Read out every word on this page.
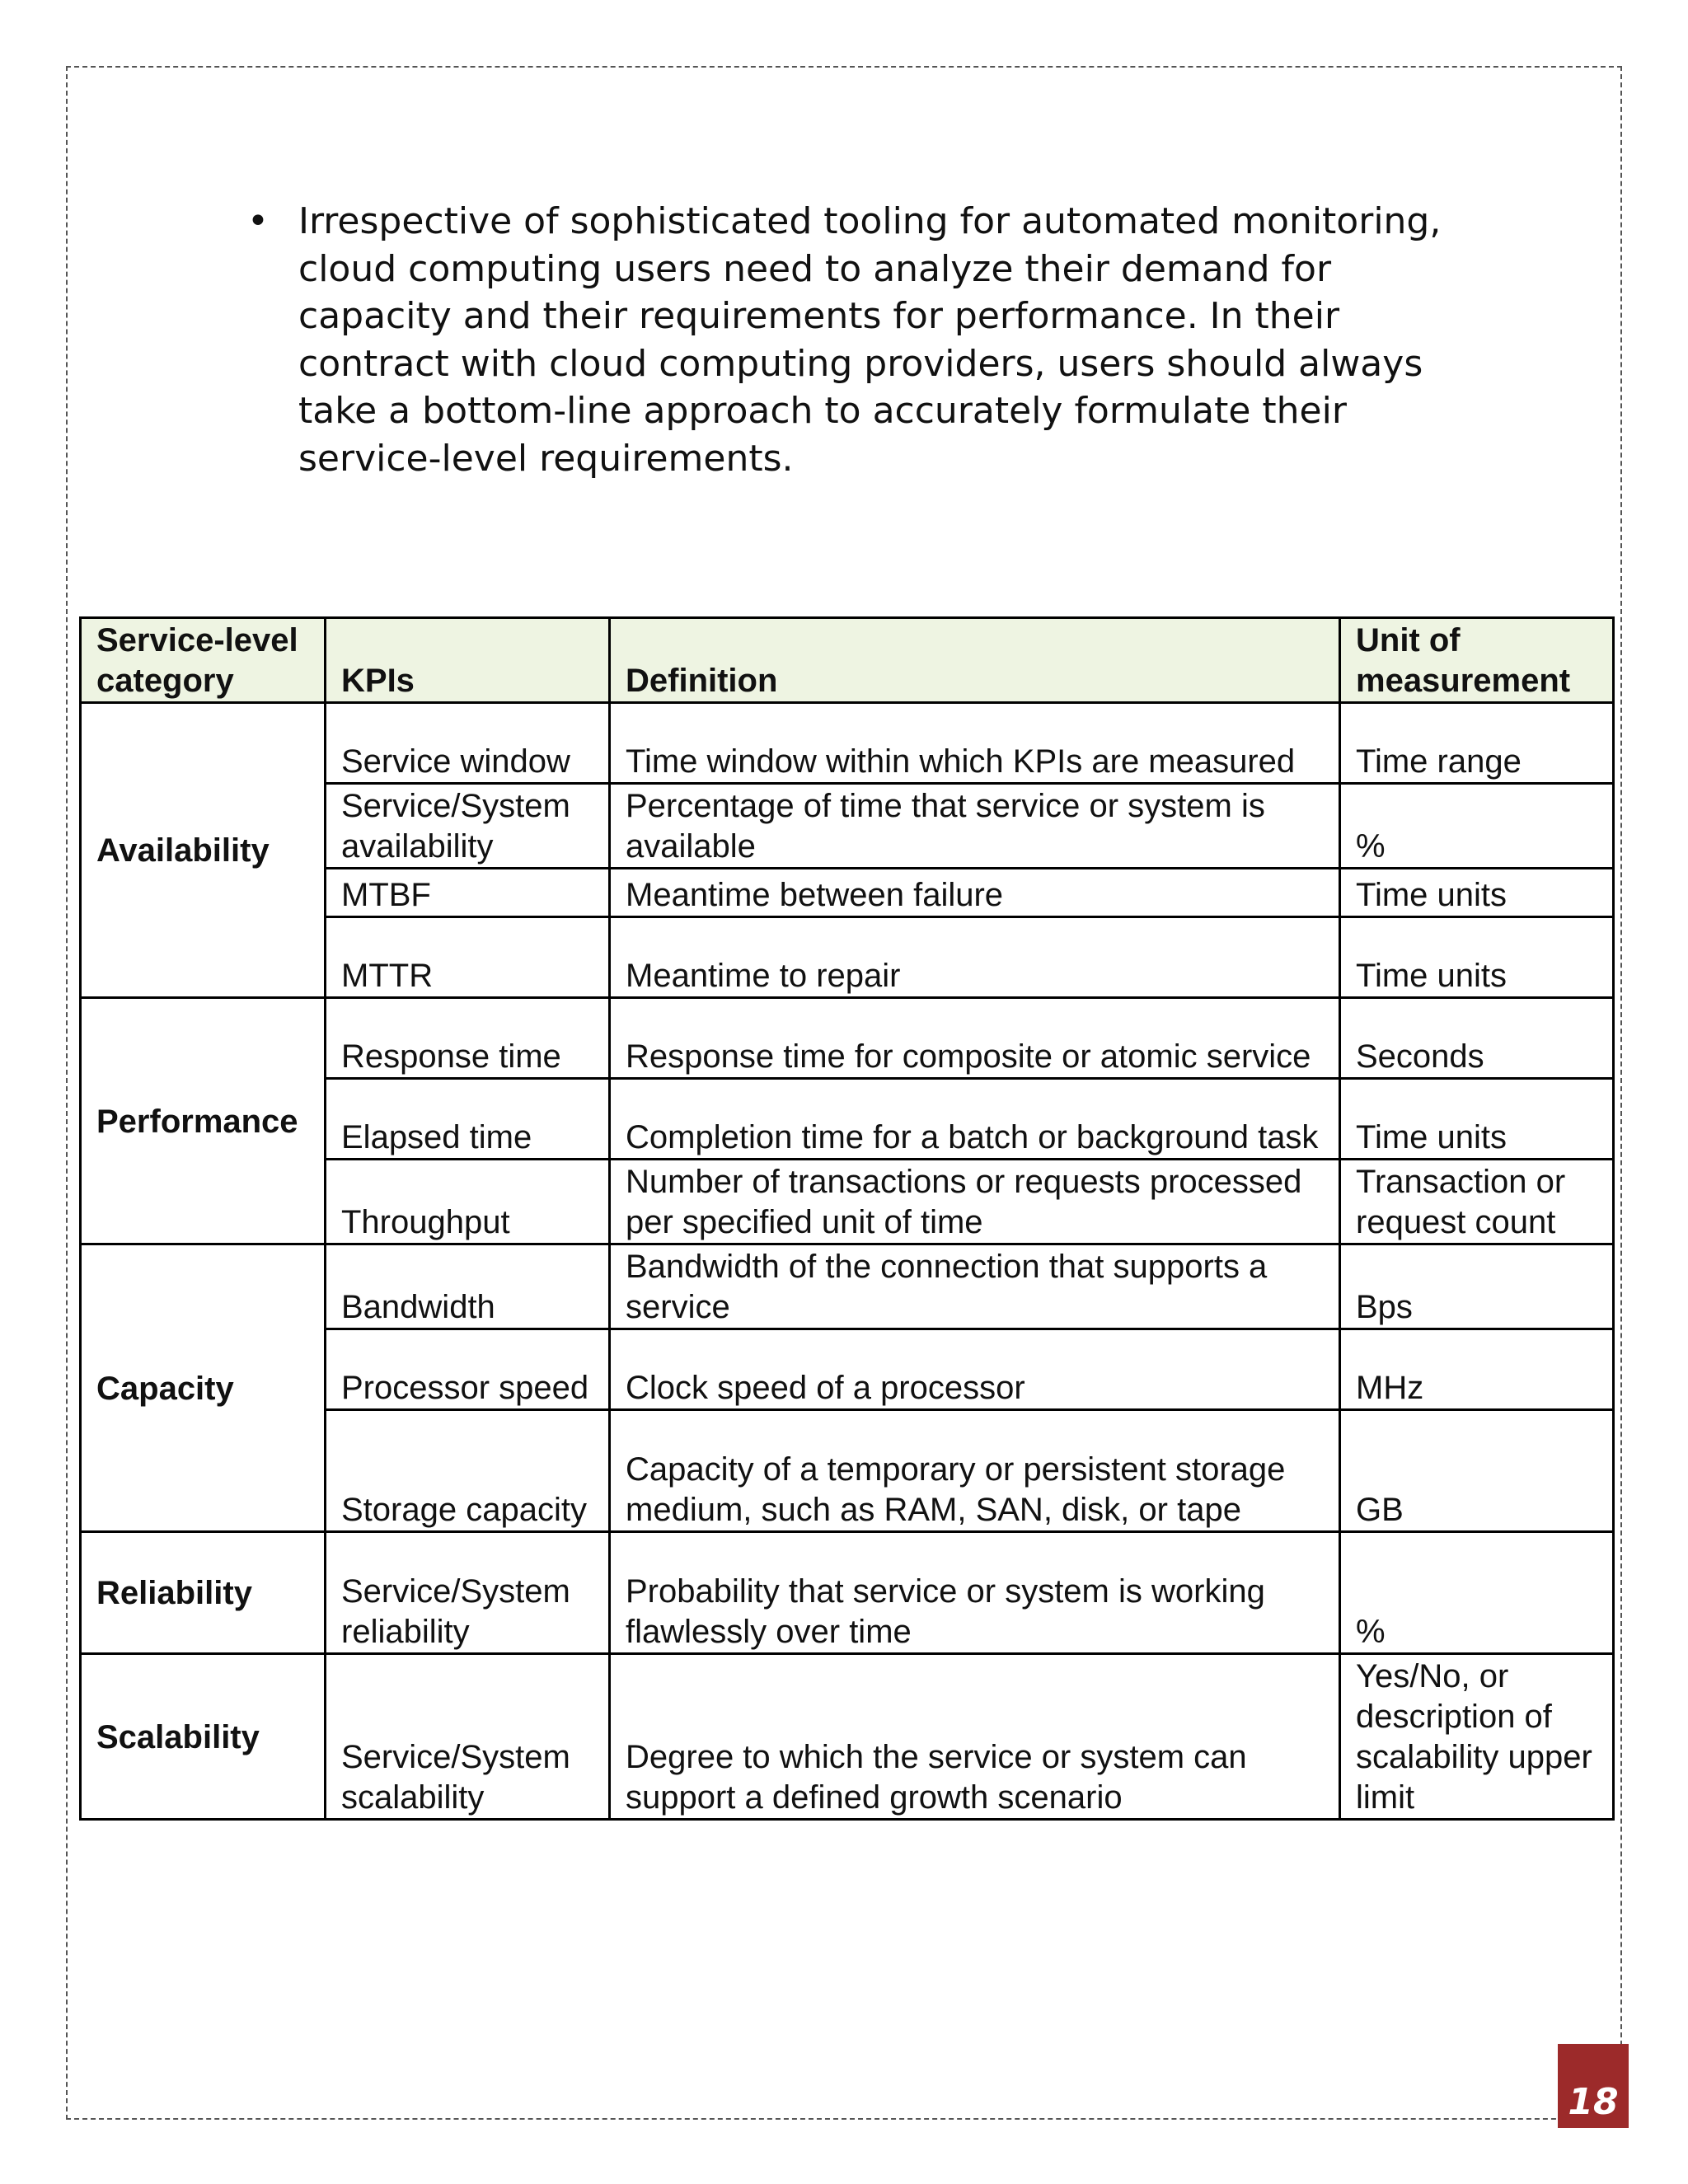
• Irrespective of sophisticated tooling for automated monitoring, cloud computing users need to analyze their demand for capacity and their requirements for performance. In their contract with cloud computing providers, users should always take a bottom-line approach to accurately formulate their service-level requirements.
Service-level category	KPIs	Definition	Unit of measurement
Availability	Service window	Time window within which KPIs are measured	Time range
	Service/System availability	Percentage of time that service or system is available	%
	MTBF	Meantime between failure	Time units
	MTTR	Meantime to repair	Time units
Performance	Response time	Response time for composite or atomic service	Seconds
	Elapsed time	Completion time for a batch or background task	Time units
	Throughput	Number of transactions or requests processed per specified unit of time	Transaction or request count
Capacity	Bandwidth	Bandwidth of the connection that supports a service	Bps
	Processor speed	Clock speed of a processor	MHz
	Storage capacity	Capacity of a temporary or persistent storage medium, such as RAM, SAN, disk, or tape	GB
Reliability	Service/System reliability	Probability that service or system is working flawlessly over time	%
Scalability	Service/System scalability	Degree to which the service or system can support a defined growth scenario	Yes/No, or description of scalability upper limit
18
